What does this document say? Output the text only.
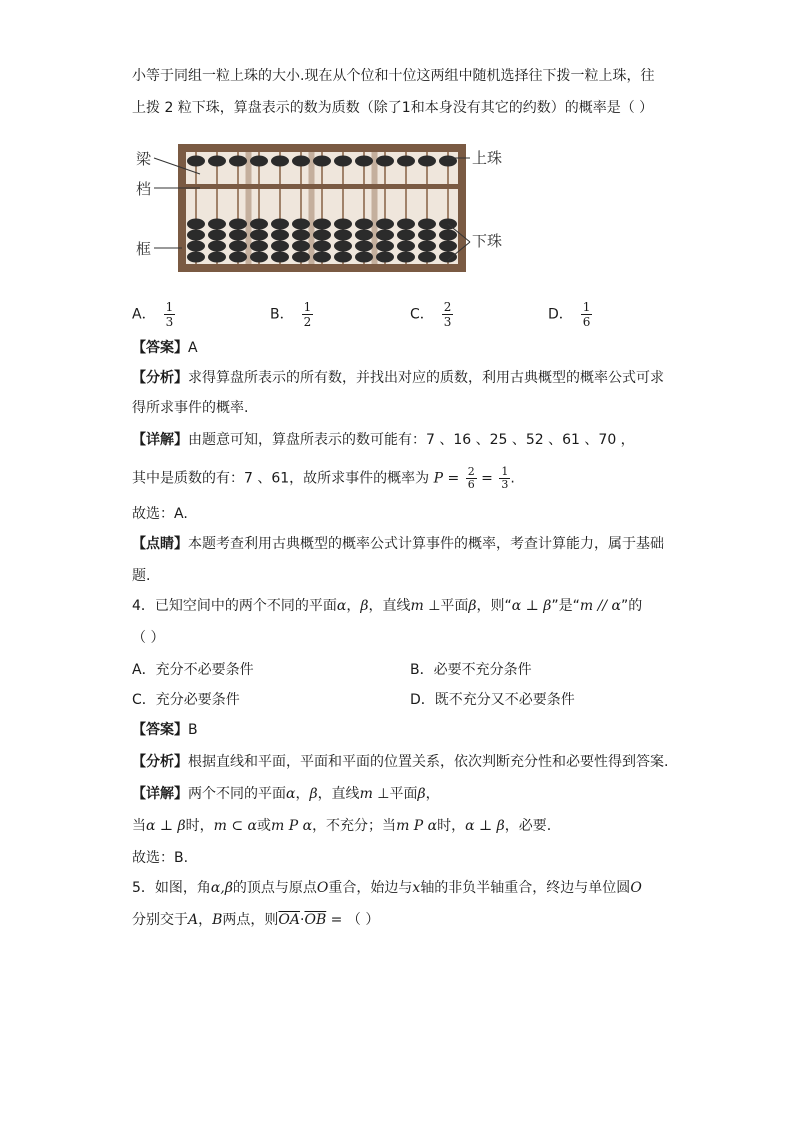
小等于同组一粒上珠的大小.现在从个位和十位这两组中随机选择往下拨一粒上珠，往
上拨 2 粒下珠，算盘表示的数为质数（除了1和本身没有其它的约数）的概率是（ ）
梁
档
框
上珠
下珠
A． $\frac{1}{3}$	B． $\frac{1}{2}$	C． $\frac{2}{3}$	D． $\frac{1}{6}$
【答案】A
【分析】求得算盘所表示的所有数，并找出对应的质数，利用古典概型的概率公式可求
得所求事件的概率.
【详解】由题意可知，算盘所表示的数可能有：7 、16 、25 、52 、61 、70 ，
其中是质数的有：7 、61，故所求事件的概率为 $P = \frac{2}{6} = \frac{1}{3}$ .
故选：A.
【点睛】本题考查利用古典概型的概率公式计算事件的概率，考查计算能力，属于基础
题.
4．已知空间中的两个不同的平面α，β，直线m ⊥平面β，则“α ⊥ β”是“m // α”的
（ ）
A．充分不必要条件	B．必要不充分条件
C．充分必要条件	D．既不充分又不必要条件
【答案】B
【分析】根据直线和平面，平面和平面的位置关系，依次判断充分性和必要性得到答案.
【详解】两个不同的平面α，β，直线m ⊥平面β，
当α ⊥ β时，m ⊂ α或m P α，不充分；当m P α时，α ⊥ β，必要.
故选：B.
5．如图，角α,β的顶点与原点O重合，始边与x轴的非负半轴重合，终边与单位圆O
分别交于A，B两点，则$\overline{OA}\cdot\overline{OB}$ = （ ）
